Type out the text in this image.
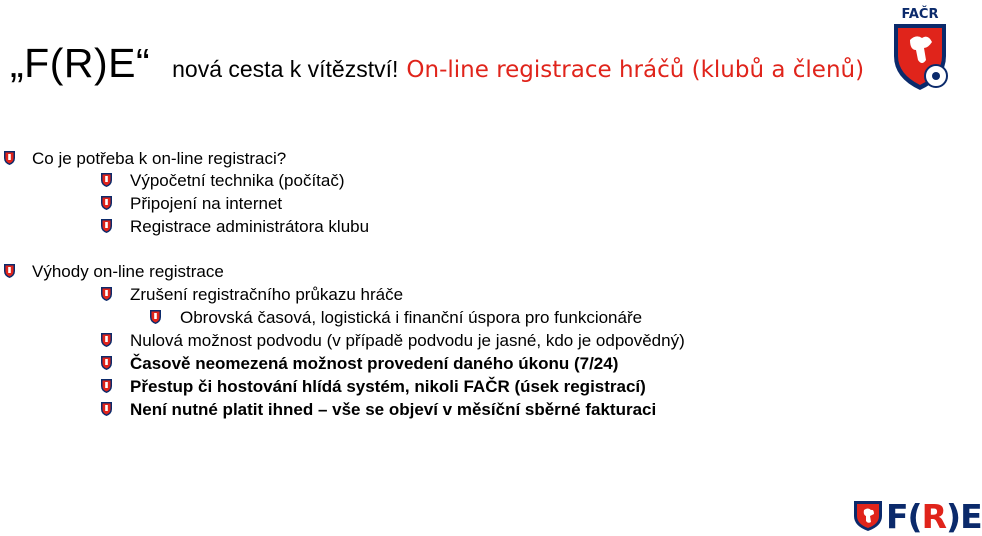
„F(R)E“ nová cesta k vítězství! On-line registrace hráčů (klubů a členů)
FAČR
Co je potřeba k on-line registraci?
Výpočetní technika (počítač)
Připojení na internet
Registrace administrátora klubu
Výhody on-line registrace
Zrušení registračního průkazu hráče
Obrovská časová, logistická i finanční úspora pro funkcionáře
Nulová možnost podvodu (v případě podvodu je jasné, kdo je odpovědný)
Časově neomezená možnost provedení daného úkonu (7/24)
Přestup či hostování hlídá systém, nikoli FAČR (úsek registrací)
Není nutné platit ihned – vše se objeví v měsíční sběrné fakturaci
F(R)E
